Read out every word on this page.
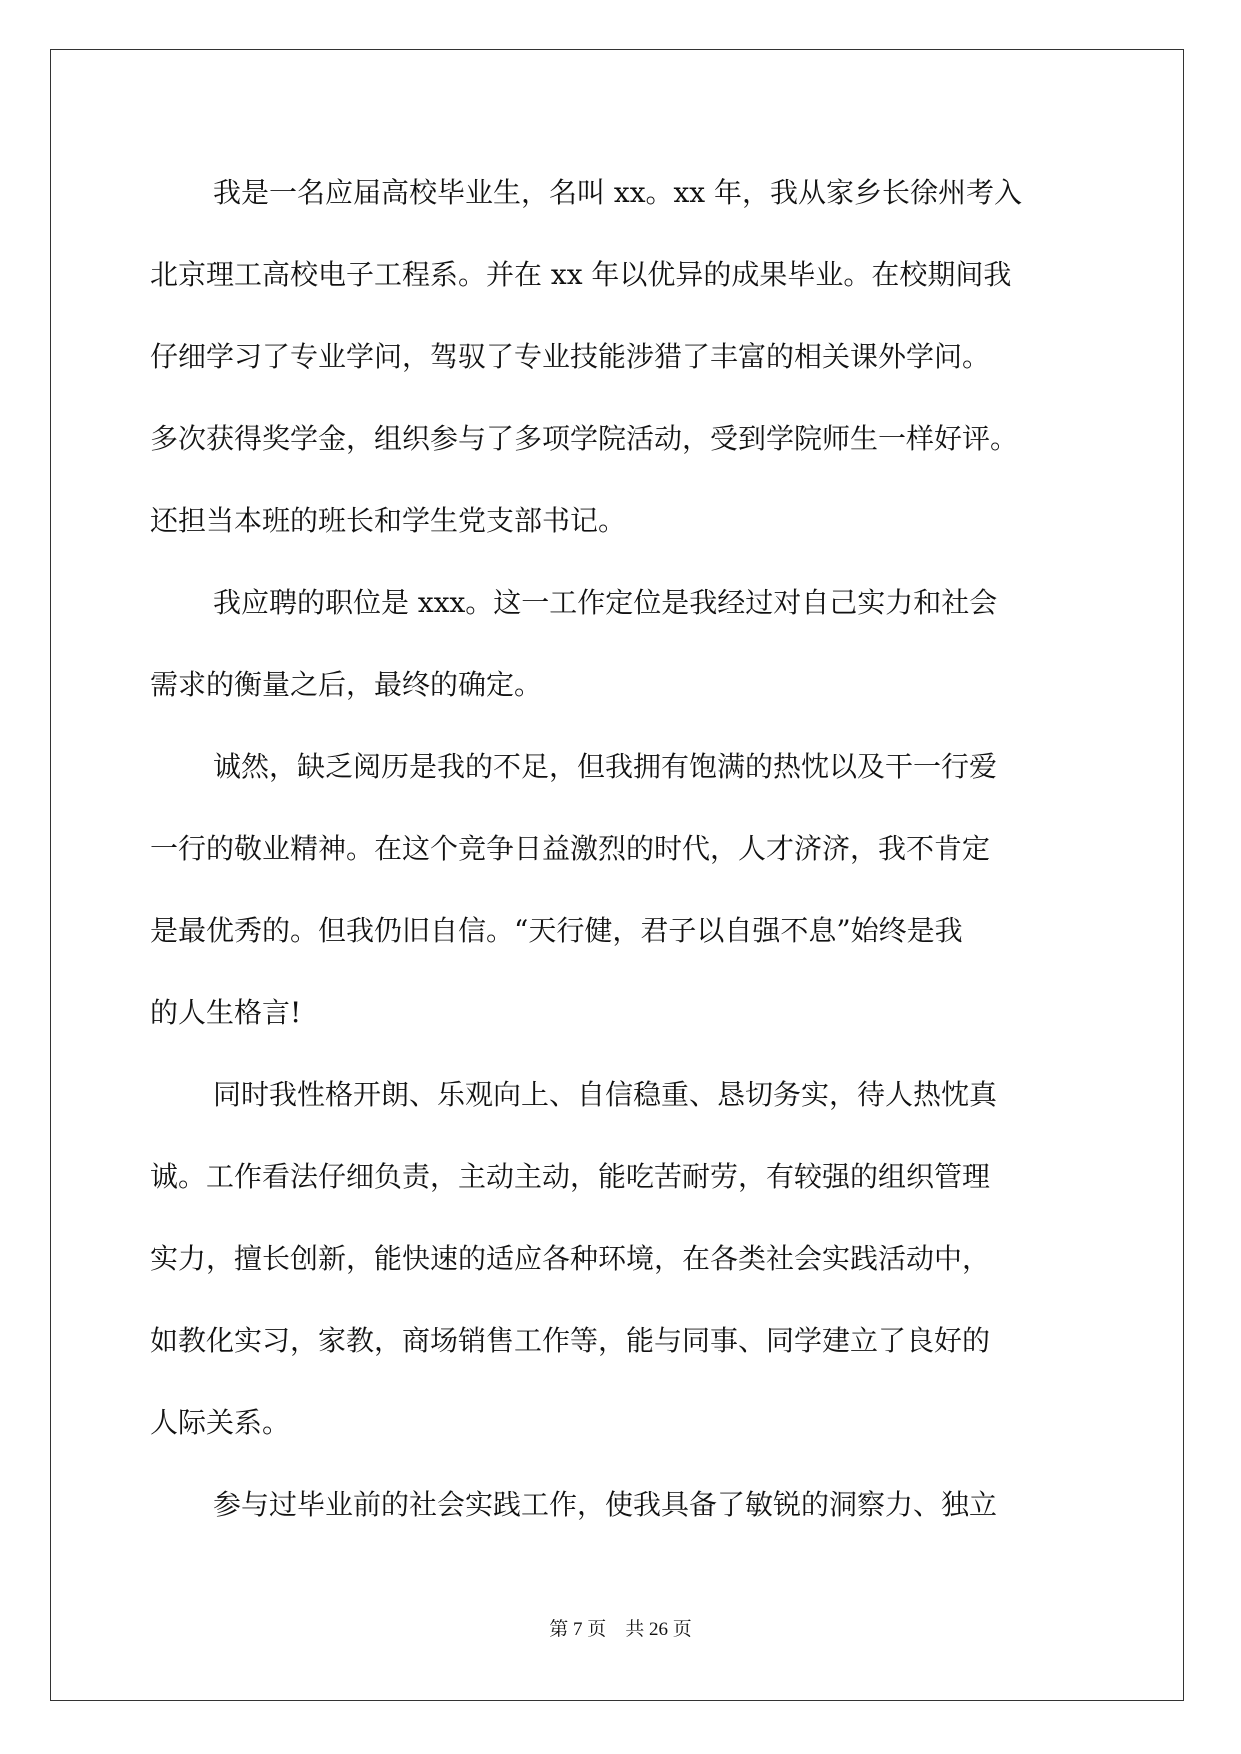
我是一名应届高校毕业生，名叫 xx。xx 年，我从家乡长徐州考入
北京理工高校电子工程系。并在 xx 年以优异的成果毕业。在校期间我
仔细学习了专业学问，驾驭了专业技能涉猎了丰富的相关课外学问。
多次获得奖学金，组织参与了多项学院活动，受到学院师生一样好评。
还担当本班的班长和学生党支部书记。
我应聘的职位是 xxx。这一工作定位是我经过对自己实力和社会
需求的衡量之后，最终的确定。
诚然，缺乏阅历是我的不足，但我拥有饱满的热忱以及干一行爱
一行的敬业精神。在这个竞争日益激烈的时代，人才济济，我不肯定
是最优秀的。但我仍旧自信。“天行健，君子以自强不息”始终是我
的人生格言!
同时我性格开朗、乐观向上、自信稳重、恳切务实，待人热忱真
诚。工作看法仔细负责，主动主动，能吃苦耐劳，有较强的组织管理
实力，擅长创新，能快速的适应各种环境，在各类社会实践活动中，
如教化实习，家教，商场销售工作等，能与同事、同学建立了良好的
人际关系。
参与过毕业前的社会实践工作，使我具备了敏锐的洞察力、独立
第 7 页    共 26 页
